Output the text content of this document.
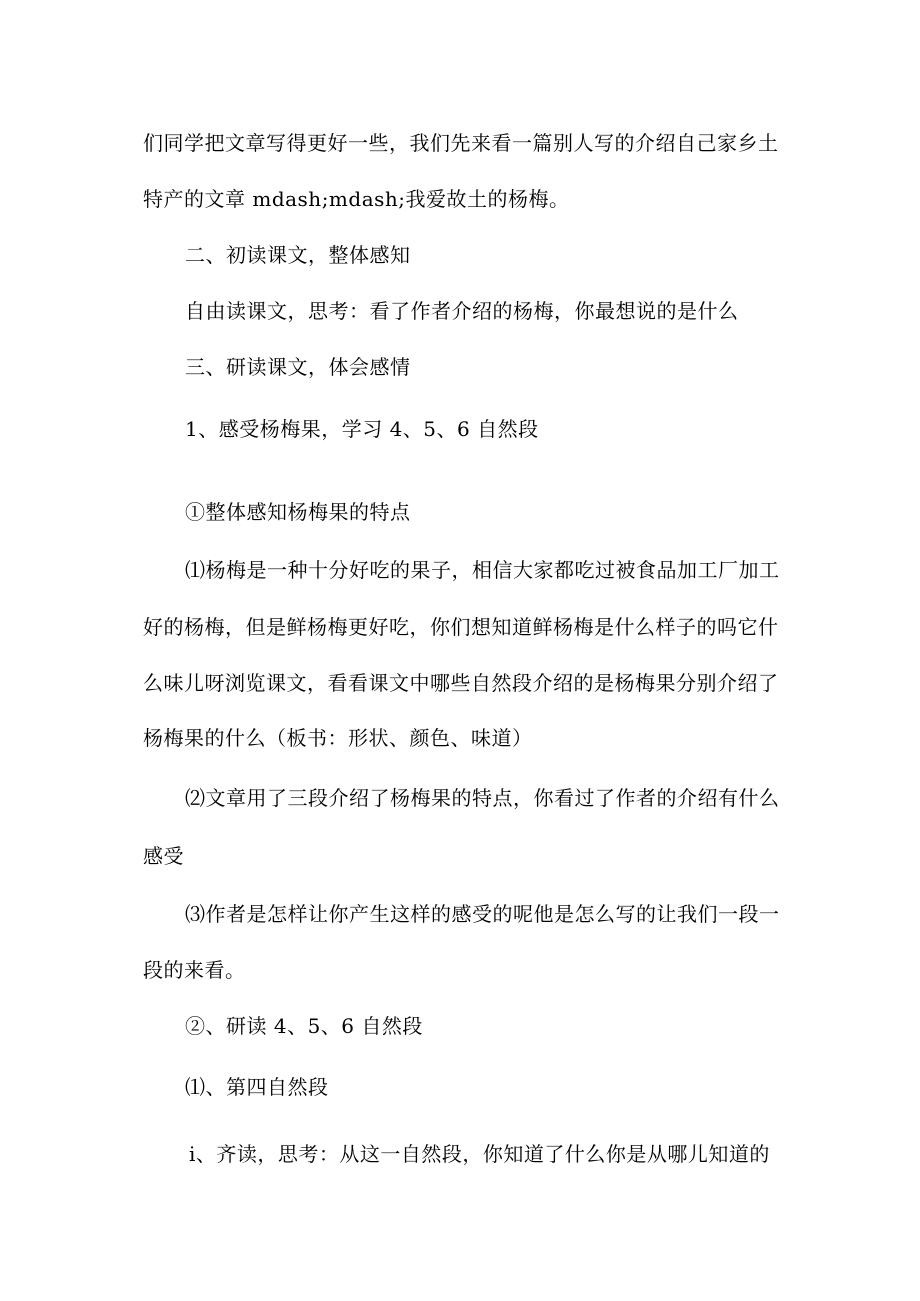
们同学把文章写得更好一些，我们先来看一篇别人写的介绍自己家乡土

特产的文章 mdash;mdash;我爱故土的杨梅。

二、初读课文，整体感知

自由读课文，思考：看了作者介绍的杨梅，你最想说的是什么

三、研读课文，体会感情

1、感受杨梅果，学习 4、5、6 自然段

①整体感知杨梅果的特点

⑴杨梅是一种十分好吃的果子，相信大家都吃过被食品加工厂加工

好的杨梅，但是鲜杨梅更好吃，你们想知道鲜杨梅是什么样子的吗它什

么味儿呀浏览课文，看看课文中哪些自然段介绍的是杨梅果分别介绍了

杨梅果的什么（板书：形状、颜色、味道）

⑵文章用了三段介绍了杨梅果的特点，你看过了作者的介绍有什么

感受

⑶作者是怎样让你产生这样的感受的呢他是怎么写的让我们一段一

段的来看。

②、研读 4、5、6 自然段

⑴、第四自然段

i、齐读，思考：从这一自然段，你知道了什么你是从哪儿知道的
